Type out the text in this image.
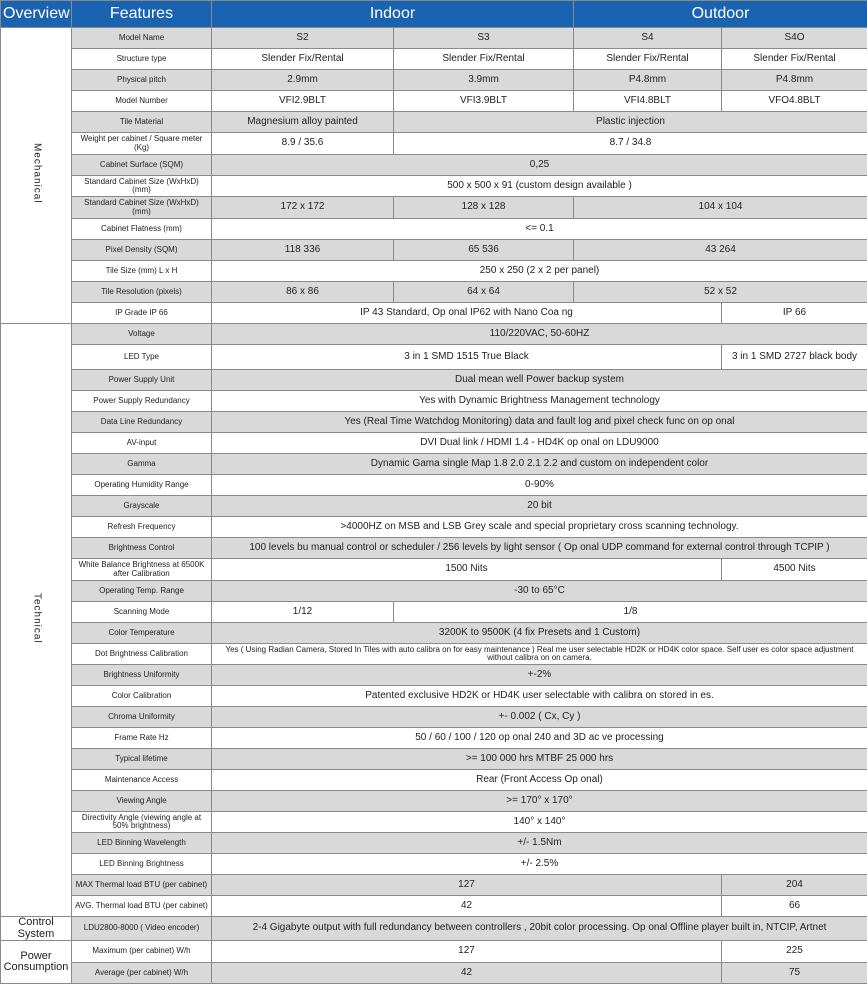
Overview	Features	Indoor		Outdoor	
Mechanical	Model Name	S2	S3	S4	S4O
	Structure type	Slender Fix/Rental	Slender Fix/Rental	Slender Fix/Rental	Slender Fix/Rental
	Physical pitch	2.9mm	3.9mm	P4.8mm	P4.8mm
	Model Number	VFI2.9BLT	VFI3.9BLT	VFI4.8BLT	VFO4.8BLT
	Tile Material	Magnesium alloy painted	Plastic injection		
	Weight per cabinet / Square meter (Kg)	8.9 / 35.6	8.7 / 34.8		
	Cabinet Surface (SQM)	0,25			
	Standard Cabinet Size (WxHxD) (mm)	500 x 500 x 91 (custom design available )			
	Standard Cabinet Size (WxHxD) (mm)	172 x 172	128 x 128	104 x 104	
	Cabinet Flatness (mm)	<= 0.1			
	Pixel Density (SQM)	118 336	65 536	43 264	
	Tile Size (mm) L x H	250 x 250 (2 x 2 per panel)			
	Tile Resolution (pixels)	86 x 86	64 x 64	52 x 52	
	IP Grade IP 66	IP 43 Standard, Op onal IP62 with Nano Coa ng			IP 66
Technical	Voltage	110/220VAC, 50-60HZ			
	LED Type	3 in 1 SMD 1515 True Black			3 in 1 SMD 2727 black body
	Power Supply Unit	Dual mean well Power backup system			
	Power Supply Redundancy	Yes with Dynamic Brightness Management technology			
	Data Line Redundancy	Yes (Real Time Watchdog Monitoring) data and fault log and pixel check func on op onal			
	AV-input	DVI Dual link / HDMI 1.4 - HD4K op onal on LDU9000			
	Gamma	Dynamic Gama single Map 1.8 2.0 2.1 2.2 and custom on independent color			
	Operating Humidity Range	0-90%			
	Grayscale	20 bit			
	Refresh Frequency	>4000HZ on MSB and LSB Grey scale and special proprietary cross scanning technology.			
	Brightness Control	100 levels bu manual control or scheduler / 256 levels by light sensor ( Op onal UDP command for external control through TCPIP )			
	White Balance Brightness at 6500K after Calibration	1500 Nits			4500 Nits
	Operating Temp. Range	-30 to 65°C			
	Scanning Mode	1/12	1/8		
	Color Temperature	3200K to 9500K (4 fix Presets and 1 Custom)			
	Dot Brightness Calibration	Yes ( Using Radian Camera, Stored In Tiles with auto calibra on for easy maintenance ) Real me user selectable HD2K or HD4K color space. Self user es color space adjustment without calibra on on camera.			
	Brightness Uniformity	+-2%			
	Color Calibration	Patented exclusive HD2K or HD4K user selectable with calibra on stored in es.			
	Chroma Uniformity	+- 0.002 ( Cx, Cy )			
	Frame Rate Hz	50 / 60 / 100 / 120 op onal 240 and 3D ac ve processing			
	Typical lifetime	>= 100 000 hrs MTBF 25 000 hrs			
	Maintenance Access	Rear (Front Access Op onal)			
	Viewing Angle	>= 170° x 170°			
	Directivity Angle (viewing angle at 50% brightness)	140° x 140°			
	LED Binning Wavelength	+/- 1.5Nm			
	LED Binning Brightness	+/- 2.5%			
	MAX Thermal load BTU (per cabinet)	127			204
	AVG. Thermal load BTU (per cabinet)	42			66
Control System	LDU2800-8000 ( Video encoder)	2-4 Gigabyte output with full redundancy between controllers , 20bit color processing. Op onal Offline player built in, NTCIP, Artnet			
Power Consumption	Maximum (per cabinet) W/h	127			225
	Average (per cabinet) W/h	42			75
